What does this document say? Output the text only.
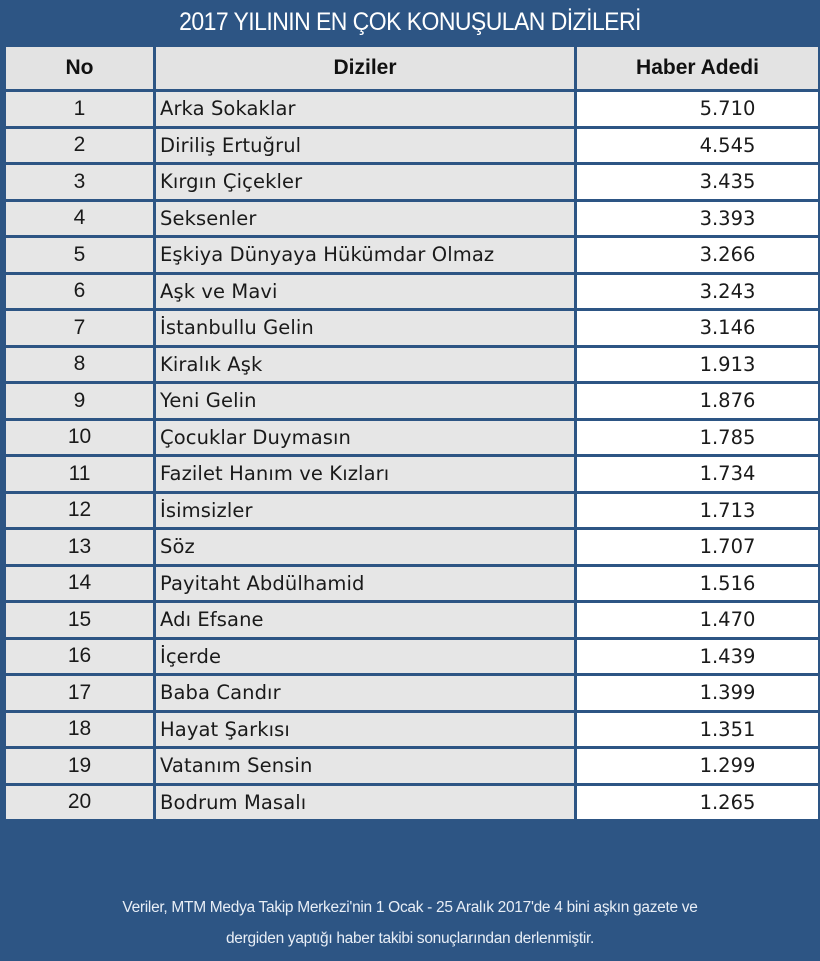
2017 YILININ EN ÇOK KONUŞULAN DİZİLERİ
No	Diziler	Haber Adedi
1	Arka Sokaklar	5.710
2	Diriliş Ertuğrul	4.545
3	Kırgın Çiçekler	3.435
4	Seksenler	3.393
5	Eşkiya Dünyaya Hükümdar Olmaz	3.266
6	Aşk ve Mavi	3.243
7	İstanbullu Gelin	3.146
8	Kiralık Aşk	1.913
9	Yeni Gelin	1.876
10	Çocuklar Duymasın	1.785
11	Fazilet Hanım ve Kızları	1.734
12	İsimsizler	1.713
13	Söz	1.707
14	Payitaht Abdülhamid	1.516
15	Adı Efsane	1.470
16	İçerde	1.439
17	Baba Candır	1.399
18	Hayat Şarkısı	1.351
19	Vatanım Sensin	1.299
20	Bodrum Masalı	1.265
Veriler, MTM Medya Takip Merkezi'nin 1 Ocak - 25 Aralık 2017'de 4 bini aşkın gazete ve
dergiden yaptığı haber takibi sonuçlarından derlenmiştir.
